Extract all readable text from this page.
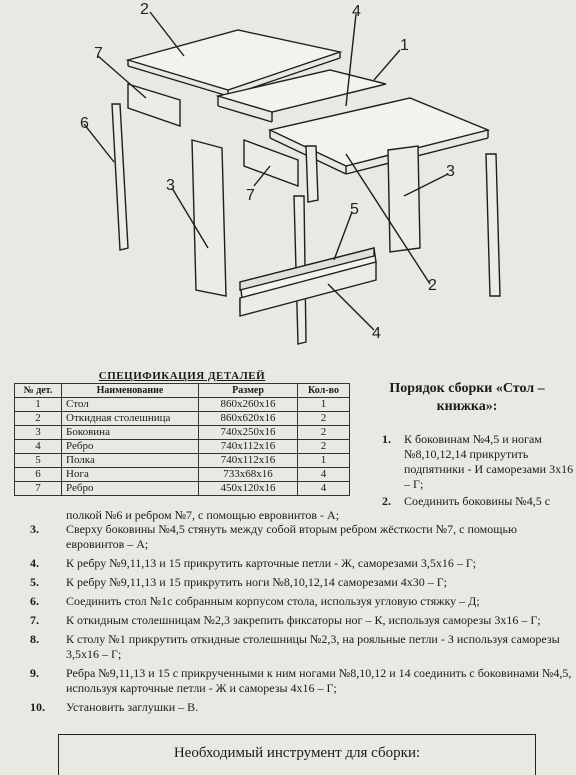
2	4
1
7
6
3
7
5
3
2
4
СПЕЦИФИКАЦИЯ ДЕТАЛЕЙ
№ дет.	Наименование	Размер	Кол-во
1	Стол	860х260х16	1
2	Откидная столешница	860х620х16	2
3	Боковина	740х250х16	2
4	Ребро	740х112х16	2
5	Полка	740х112х16	1
6	Нога	733х68х16	4
7	Ребро	450х120х16	4
Порядок сборки «Стол – книжка»:
1.	К боковинам №4,5 и ногам №8,10,12,14 прикрутить подпятники - И саморезами 3х16 – Г;
2.	Соединить боковины №4,5 с
полкой №6 и ребром №7, с помощью евровинтов - А;
3.	Сверху боковины №4,5 стянуть между собой вторым ребром жёсткости №7, с помощью евровинтов – А;
4.	К ребру №9,11,13 и 15 прикрутить карточные петли - Ж, саморезами 3,5х16 – Г;
5.	К ребру №9,11,13 и 15 прикрутить ноги №8,10,12,14 саморезами 4х30 – Г;
6.	Соединить стол №1с собранным корпусом стола, используя угловую стяжку – Д;
7.	К откидным столешницам №2,3 закрепить фиксаторы ног – К, используя саморезы 3х16 – Г;
8.	К столу №1 прикрутить откидные столешницы №2,3, на рояльные петли - З используя саморезы 3,5х16 – Г;
9.	Ребра №9,11,13 и 15 с прикрученными к ним ногами №8,10,12 и 14 соединить с боковинами №4,5, используя карточные петли - Ж и саморезы 4х16 – Г;
10.	Установить заглушки – В.
Необходимый инструмент для сборки:
